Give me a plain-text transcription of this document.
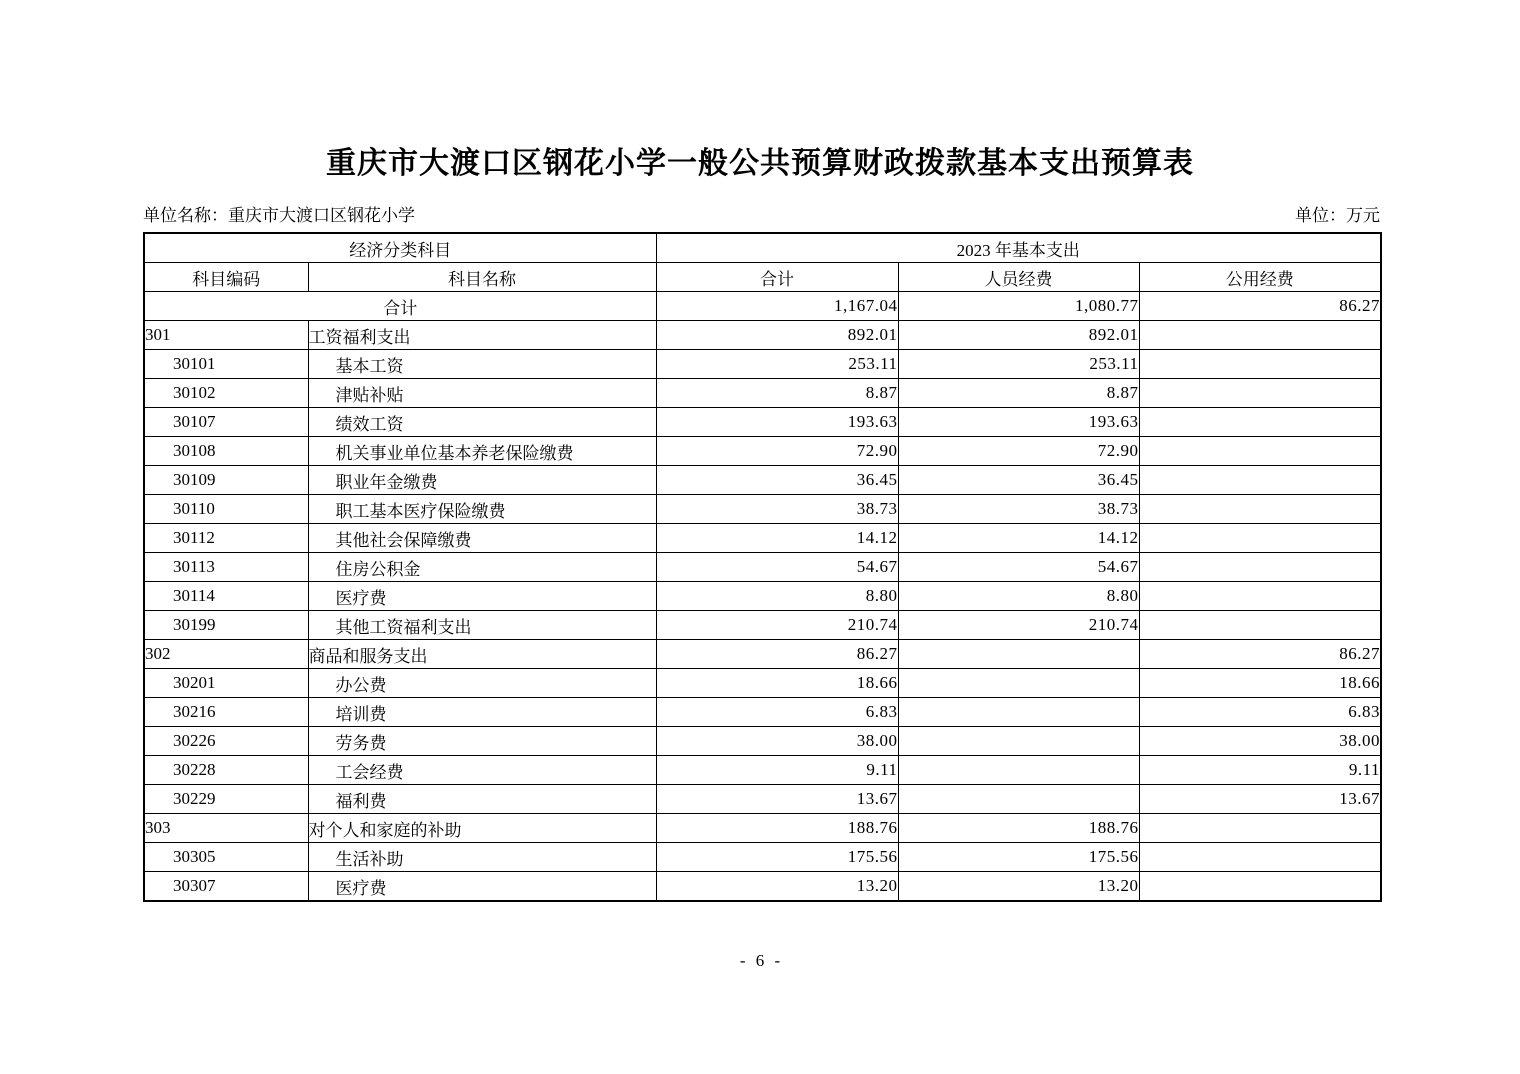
重庆市大渡口区钢花小学一般公共预算财政拨款基本支出预算表
单位名称：重庆市大渡口区钢花小学	单位：万元
经济分类科目		2023 年基本支出		
科目编码	科目名称	合计	人员经费	公用经费
合计		1,167.04	1,080.77	86.27
301	工资福利支出	892.01	892.01	
30101	基本工资	253.11	253.11	
30102	津贴补贴	8.87	8.87	
30107	绩效工资	193.63	193.63	
30108	机关事业单位基本养老保险缴费	72.90	72.90	
30109	职业年金缴费	36.45	36.45	
30110	职工基本医疗保险缴费	38.73	38.73	
30112	其他社会保障缴费	14.12	14.12	
30113	住房公积金	54.67	54.67	
30114	医疗费	8.80	8.80	
30199	其他工资福利支出	210.74	210.74	
302	商品和服务支出	86.27		86.27
30201	办公费	18.66		18.66
30216	培训费	6.83		6.83
30226	劳务费	38.00		38.00
30228	工会经费	9.11		9.11
30229	福利费	13.67		13.67
303	对个人和家庭的补助	188.76	188.76	
30305	生活补助	175.56	175.56	
30307	医疗费	13.20	13.20	
- 6 -
